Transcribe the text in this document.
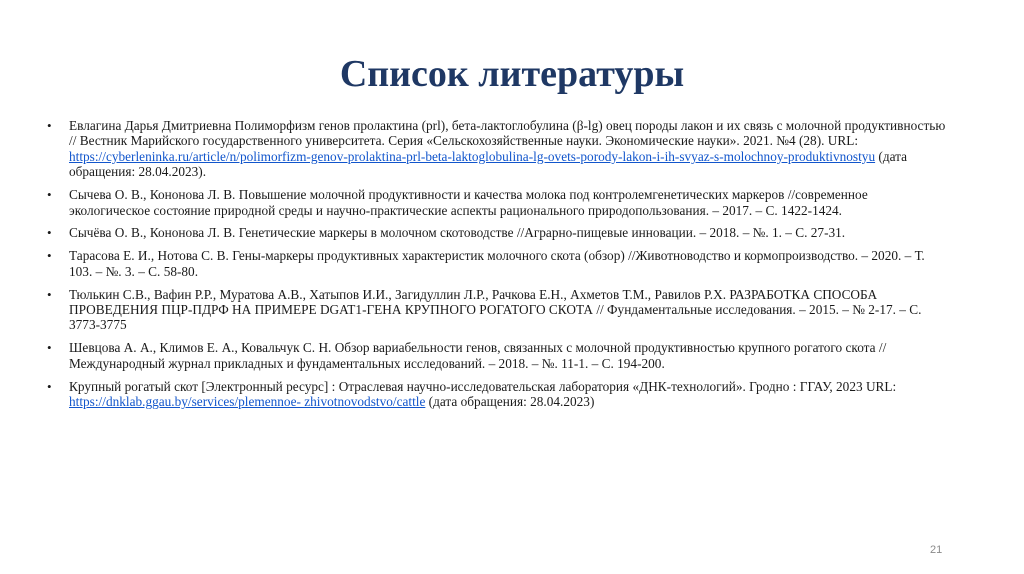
Список литературы
• Евлагина Дарья Дмитриевна Полиморфизм генов пролактина (prl), бета-лактоглобулина (β-lg) овец породы лакон и их связь с молочной продуктивностью // Вестник Марийского государственного университета. Серия «Сельскохозяйственные науки. Экономические науки». 2021. №4 (28). URL: https://cyberleninka.ru/article/n/polimorfizm-genov-prolaktina-prl-beta-laktoglobulina-lg-ovets-porody-lakon-i-ih-svyaz-s-molochnoy-produktivnostyu (дата обращения: 28.04.2023).
• Сычева О. В., Кононова Л. В. Повышение молочной продуктивности и качества молока под контролемгенетических маркеров //современное экологическое состояние природной среды и научно-практические аспекты рационального природопользования. – 2017. – С. 1422-1424.
• Сычёва О. В., Кононова Л. В. Генетические маркеры в молочном скотоводстве //Аграрно-пищевые инновации. – 2018. – №. 1. – С. 27-31.
• Тарасова Е. И., Нотова С. В. Гены-маркеры продуктивных характеристик молочного скота (обзор) //Животноводство и кормопроизводство. – 2020. – Т. 103. – №. 3. – С. 58-80.
• Тюлькин С.В., Вафин Р.Р., Муратова А.В., Хатыпов И.И., Загидуллин Л.Р., Рачкова Е.Н., Ахметов Т.М., Равилов Р.Х. РАЗРАБОТКА СПОСОБА ПРОВЕДЕНИЯ ПЦР-ПДРФ НА ПРИМЕРЕ DGAT1-ГЕНА КРУПНОГО РОГАТОГО СКОТА // Фундаментальные исследования. – 2015. – № 2-17. – С. 3773-3775
• Шевцова А. А., Климов Е. А., Ковальчук С. Н. Обзор вариабельности генов, связанных с молочной продуктивностью крупного рогатого скота //Международный журнал прикладных и фундаментальных исследований. – 2018. – №. 11-1. – С. 194-200.
• Крупный рогатый скот [Электронный ресурс] : Отраслевая научно-исследовательская лаборатория «ДНК-технологий». Гродно : ГГАУ, 2023 URL: https://dnklab.ggau.by/services/plemennoe- zhivotnovodstvo/cattle (дата обращения: 28.04.2023)
21
